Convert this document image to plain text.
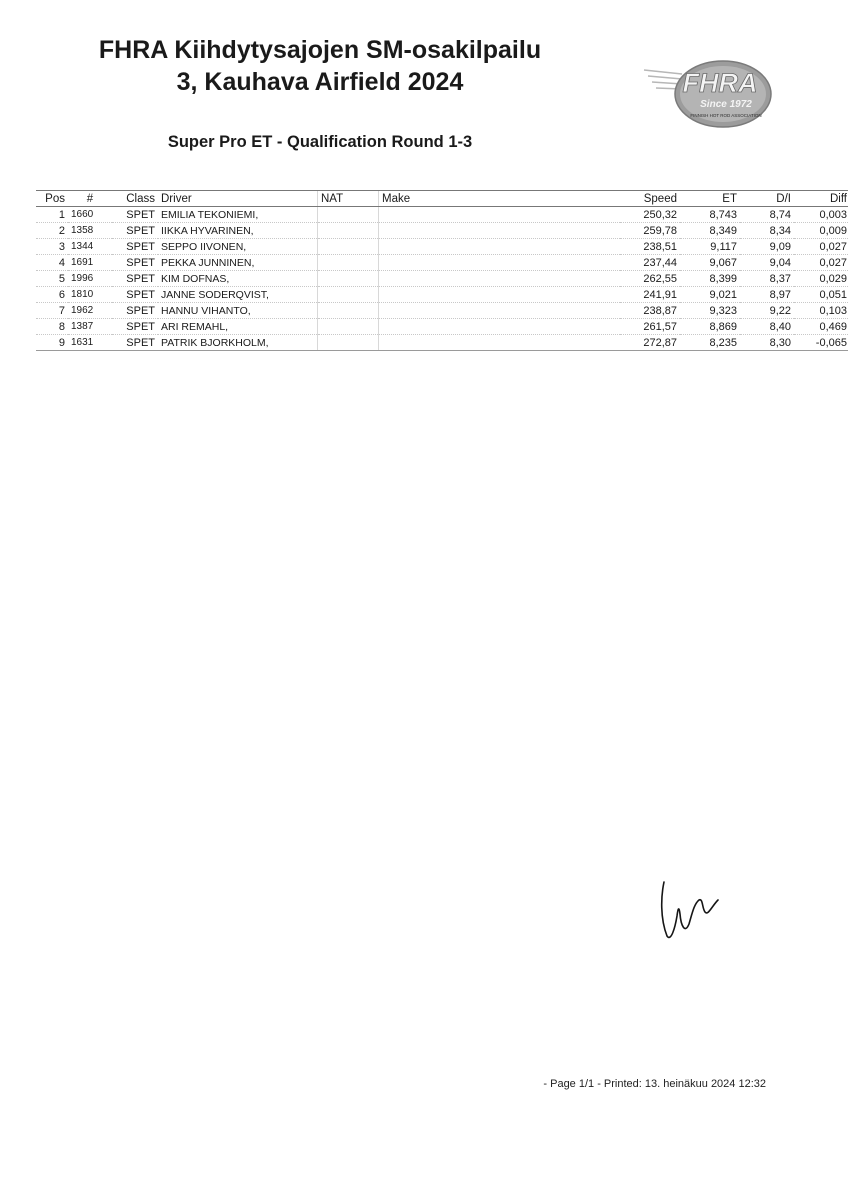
FHRA Kiihdytysajojen SM-osakilpailu
3, Kauhava Airfield 2024	FHRA
Since 1972
FINNISH HOT ROD ASSOCIATION
Super Pro ET - Qualification Round 1-3
Pos	#	Class	Driver	NAT	Make	Speed	ET	D/I	Diff
1	1660	SPET	EMILIA TEKONIEMI,			250,32	8,743	8,74	0,003
2	1358	SPET	IIKKA HYVARINEN,			259,78	8,349	8,34	0,009
3	1344	SPET	SEPPO IIVONEN,			238,51	9,117	9,09	0,027
4	1691	SPET	PEKKA JUNNINEN,			237,44	9,067	9,04	0,027
5	1996	SPET	KIM DOFNAS,			262,55	8,399	8,37	0,029
6	1810	SPET	JANNE SODERQVIST,			241,91	9,021	8,97	0,051
7	1962	SPET	HANNU VIHANTO,			238,87	9,323	9,22	0,103
8	1387	SPET	ARI REMAHL,			261,57	8,869	8,40	0,469
9	1631	SPET	PATRIK BJORKHOLM,			272,87	8,235	8,30	-0,065
- Page 1/1 - Printed: 13. heinäkuu 2024 12:32
